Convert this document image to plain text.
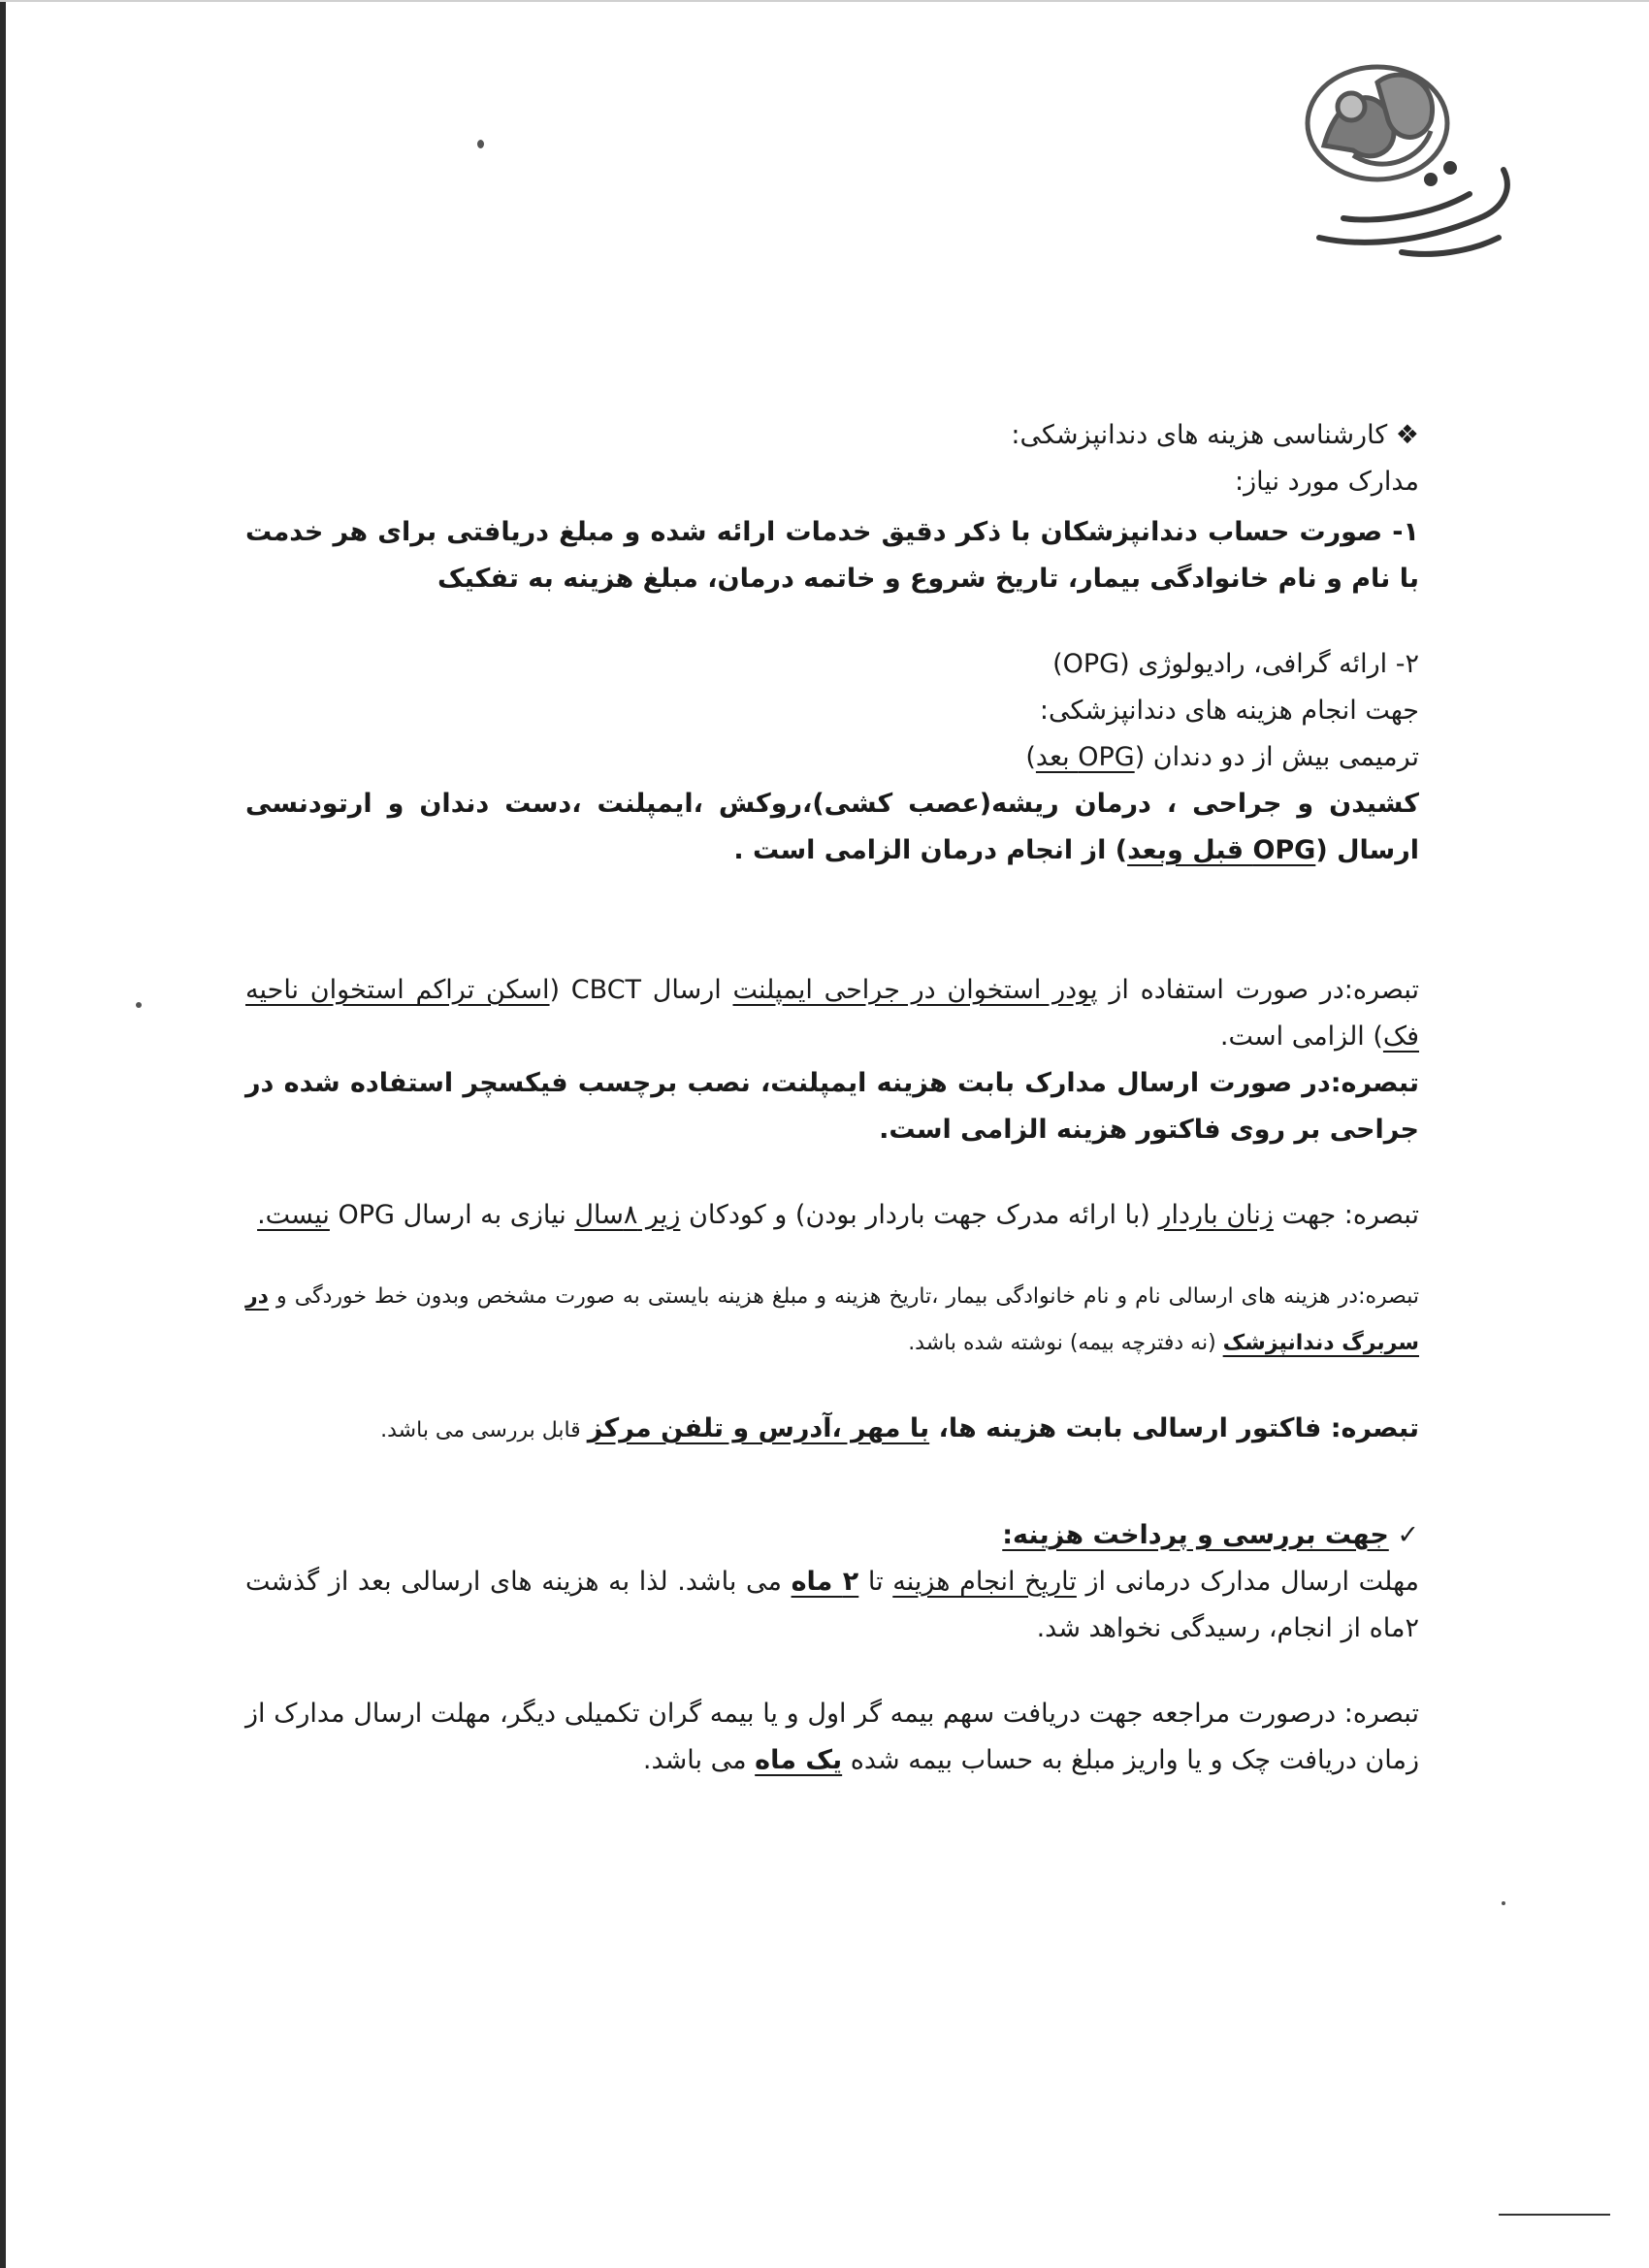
❖ کارشناسی هزینه های دندانپزشکی:

مدارک مورد نیاز:

۱- صورت حساب دندانپزشکان با ذکر دقیق خدمات ارائه شده و مبلغ دریافتی برای هر خدمت با نام و نام خانوادگی بیمار، تاریخ شروع و خاتمه درمان، مبلغ هزینه به تفکیک

۲- ارائه گرافی، رادیولوژی (OPG)

جهت انجام هزینه های دندانپزشکی:

ترمیمی بیش از دو دندان (OPG بعد)

کشیدن و جراحی ، درمان ریشه(عصب کشی)،روکش ،ایمپلنت ،دست دندان و ارتودنسی ارسال (OPG قبل وبعد) از انجام درمان الزامی است .

تبصره:در صورت استفاده از پودر استخوان در جراحی ایمپلنت ارسال CBCT (اسکن تراکم استخوان ناحیه فک) الزامی است.

تبصره:در صورت ارسال مدارک بابت هزینه ایمپلنت، نصب برچسب فیکسچر استفاده شده در جراحی بر روی فاکتور هزینه الزامی است.

تبصره: جهت زنان باردار (با ارائه مدرک جهت باردار بودن) و کودکان زیر ۸سال نیازی به ارسال OPG نیست.

تبصره:در هزینه های ارسالی نام و نام خانوادگی بیمار ،تاریخ هزینه و مبلغ هزینه بایستی به صورت مشخص وبدون خط خوردگی و در سربرگ دندانپزشک (نه دفترچه بیمه) نوشته شده باشد.

تبصره: فاکتور ارسالی بابت هزینه ها، با مهر ،آدرس و تلفن مرکز قابل بررسی می باشد.

✓ جهت بررسی و پرداخت هزینه:

مهلت ارسال مدارک درمانی از تاریخ انجام هزینه تا ۲ ماه می باشد. لذا به هزینه های ارسالی بعد از گذشت ۲ماه از انجام، رسیدگی نخواهد شد.

تبصره: درصورت مراجعه جهت دریافت سهم بیمه گر اول و یا بیمه گران تکمیلی دیگر، مهلت ارسال مدارک از زمان دریافت چک و یا واریز مبلغ به حساب بیمه شده یک ماه می باشد.
